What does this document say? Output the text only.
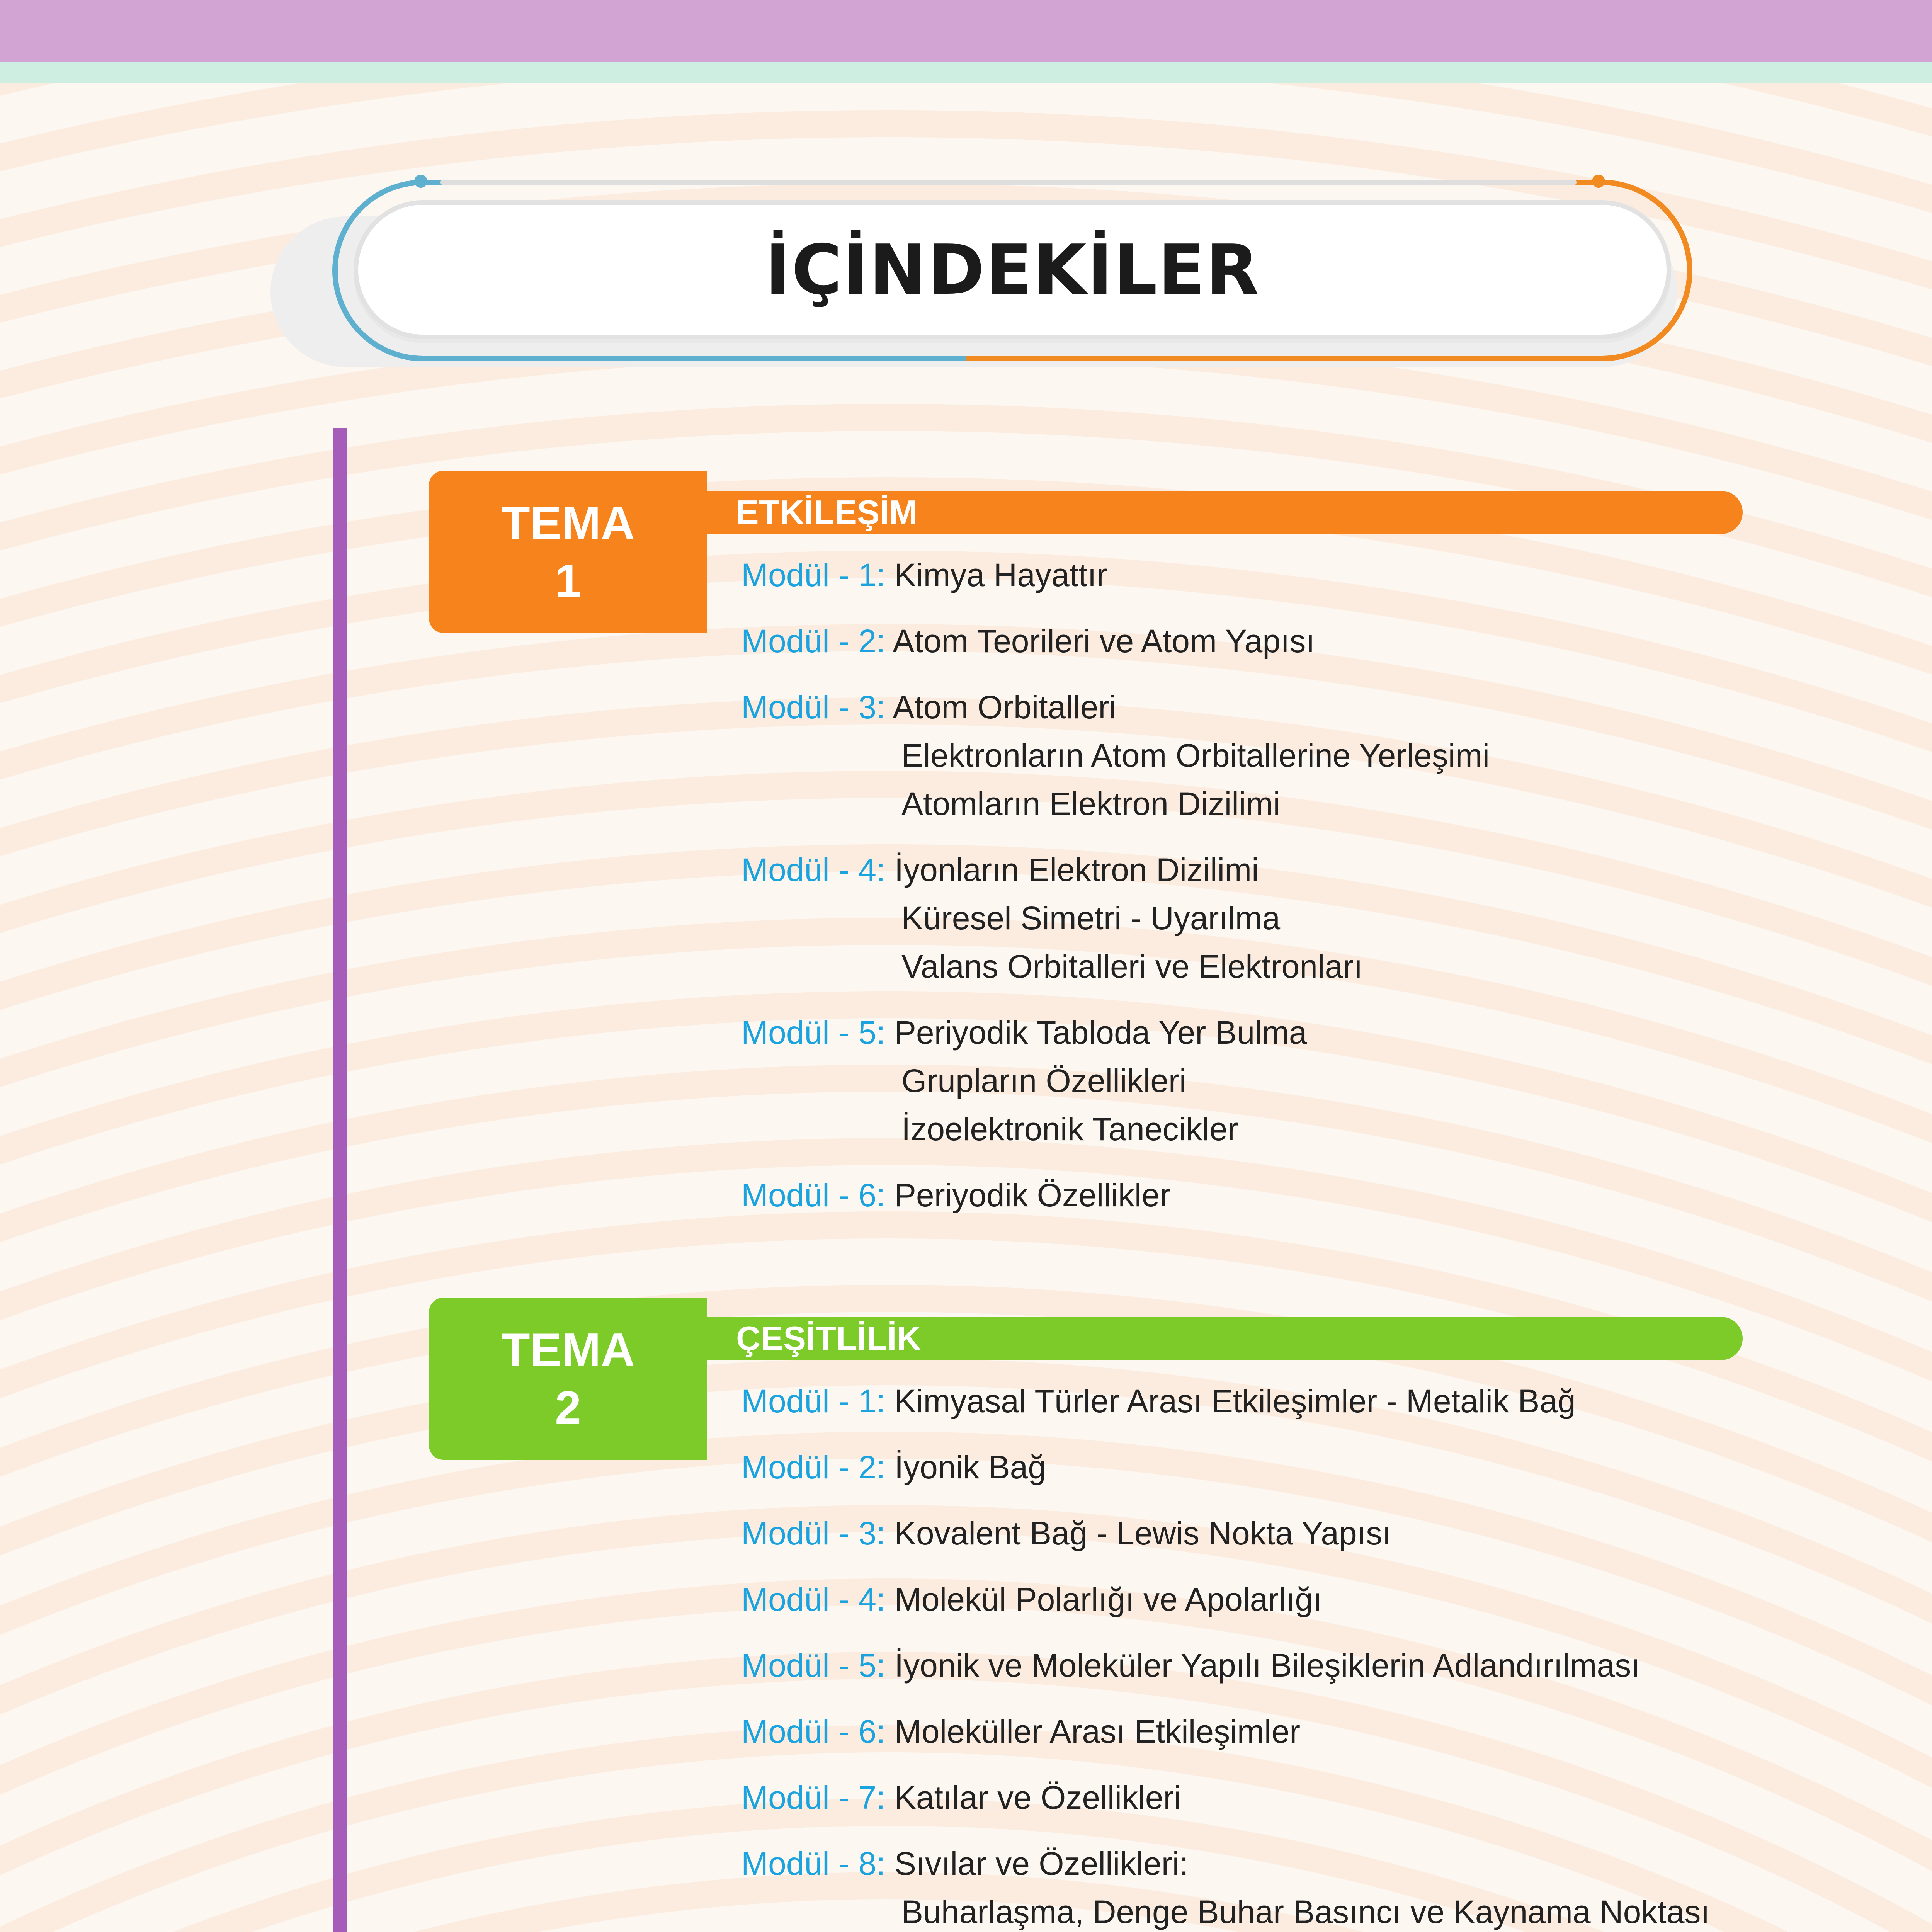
İÇİNDEKİLER
TEMA
1
ETKİLEŞİM
Modül - 1: Kimya Hayattır
Modül - 2: Atom Teorileri ve Atom Yapısı
Modül - 3: Atom Orbitalleri
Elektronların Atom Orbitallerine Yerleşimi
Atomların Elektron Dizilimi
Modül - 4: İyonların Elektron Dizilimi
Küresel Simetri - Uyarılma
Valans Orbitalleri ve Elektronları
Modül - 5: Periyodik Tabloda Yer Bulma
Grupların Özellikleri
İzoelektronik Tanecikler
Modül - 6: Periyodik Özellikler
TEMA
2
ÇEŞİTLİLİK
Modül - 1: Kimyasal Türler Arası Etkileşimler - Metalik Bağ
Modül - 2: İyonik Bağ
Modül - 3: Kovalent Bağ - Lewis Nokta Yapısı
Modül - 4: Molekül Polarlığı ve Apolarlığı
Modül - 5: İyonik ve Moleküler Yapılı Bileşiklerin Adlandırılması
Modül - 6: Moleküller Arası Etkileşimler
Modül - 7: Katılar ve Özellikleri
Modül - 8: Sıvılar ve Özellikleri:
Buharlaşma, Denge Buhar Basıncı ve Kaynama Noktası
